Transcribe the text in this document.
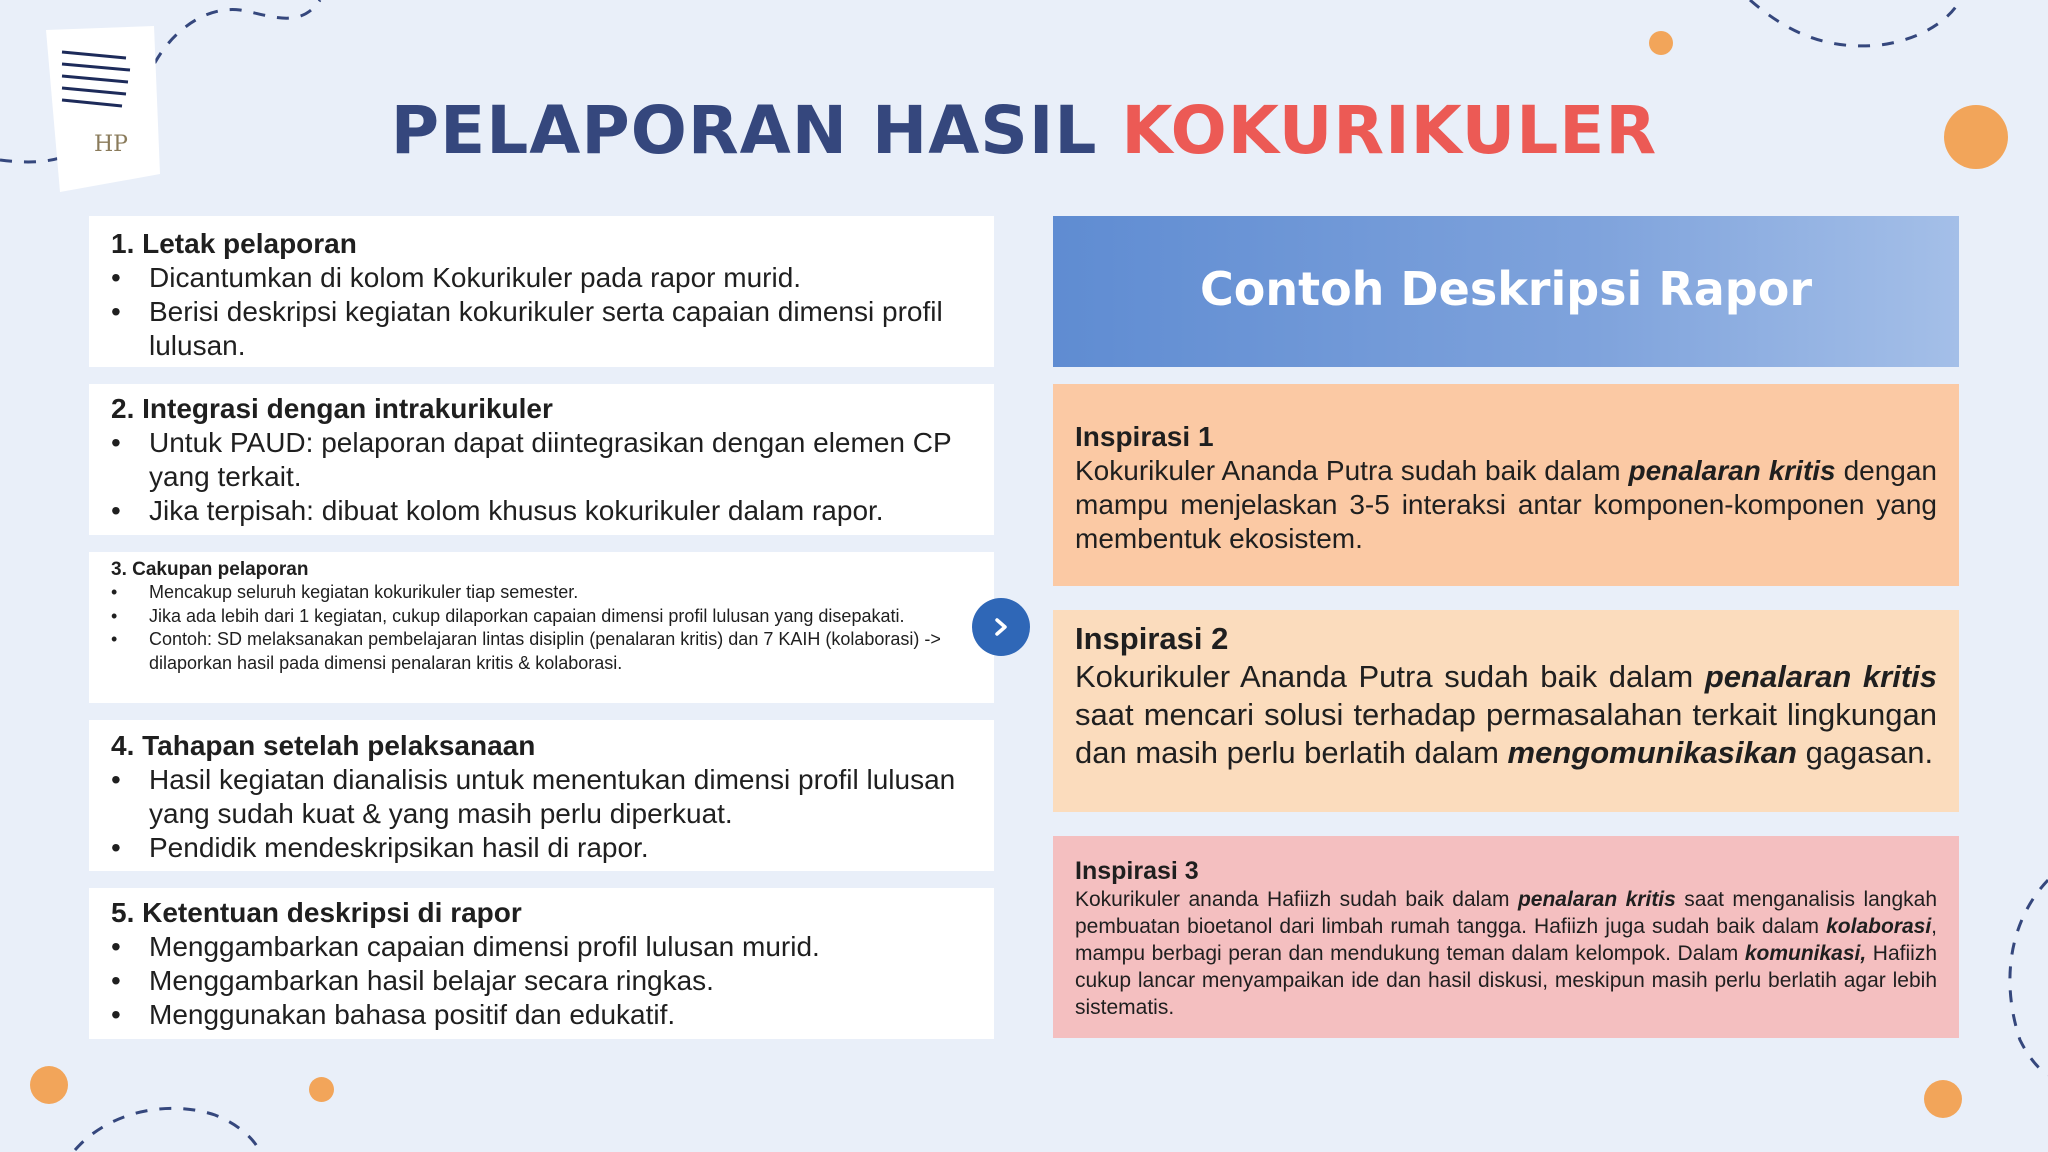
HP	PELAPORAN HASIL KOKURIKULER
1. Letak pelaporan
• Dicantumkan di kolom Kokurikuler pada rapor murid.
• Berisi deskripsi kegiatan kokurikuler serta capaian dimensi profil lulusan.
2. Integrasi dengan intrakurikuler
• Untuk PAUD: pelaporan dapat diintegrasikan dengan elemen CP yang terkait.
• Jika terpisah: dibuat kolom khusus kokurikuler dalam rapor.
3. Cakupan pelaporan
• Mencakup seluruh kegiatan kokurikuler tiap semester.
• Jika ada lebih dari 1 kegiatan, cukup dilaporkan capaian dimensi profil lulusan yang disepakati.
• Contoh: SD melaksanakan pembelajaran lintas disiplin (penalaran kritis) dan 7 KAIH (kolaborasi) -> dilaporkan hasil pada dimensi penalaran kritis & kolaborasi.
4. Tahapan setelah pelaksanaan
• Hasil kegiatan dianalisis untuk menentukan dimensi profil lulusan yang sudah kuat & yang masih perlu diperkuat.
• Pendidik mendeskripsikan hasil di rapor.
5. Ketentuan deskripsi di rapor
• Menggambarkan capaian dimensi profil lulusan murid.
• Menggambarkan hasil belajar secara ringkas.
• Menggunakan bahasa positif dan edukatif.
Contoh Deskripsi Rapor
Inspirasi 1

Kokurikuler Ananda Putra sudah baik dalam penalaran kritis dengan mampu menjelaskan 3-5 interaksi antar komponen-komponen yang membentuk ekosistem.

Inspirasi 2

Kokurikuler Ananda Putra sudah baik dalam penalaran kritis saat mencari solusi terhadap permasalahan terkait lingkungan dan masih perlu berlatih dalam mengomunikasikan gagasan.

Inspirasi 3

Kokurikuler ananda Hafiizh sudah baik dalam penalaran kritis saat menganalisis langkah pembuatan bioetanol dari limbah rumah tangga. Hafiizh juga sudah baik dalam kolaborasi, mampu berbagi peran dan mendukung teman dalam kelompok. Dalam komunikasi, Hafiizh cukup lancar menyampaikan ide dan hasil diskusi, meskipun masih perlu berlatih agar lebih sistematis.
